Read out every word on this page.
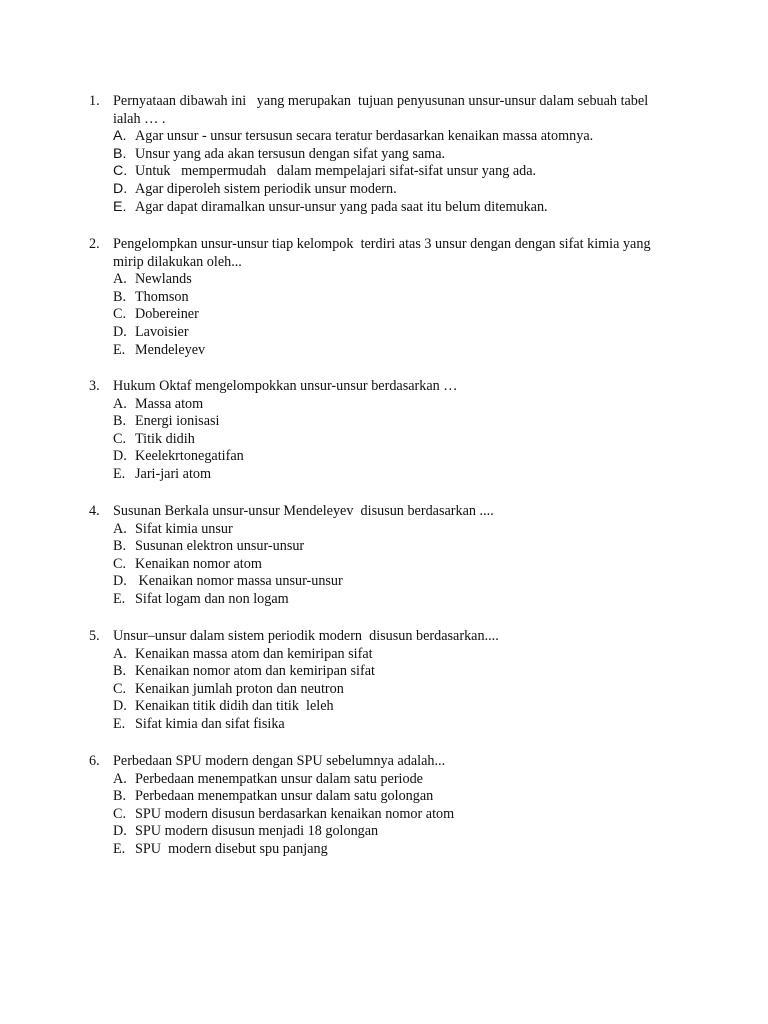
1. Pernyataan dibawah ini   yang merupakan  tujuan penyusunan unsur-unsur dalam sebuah tabel ialah … .
A. Agar unsur - unsur tersusun secara teratur berdasarkan kenaikan massa atomnya.
B. Unsur yang ada akan tersusun dengan sifat yang sama.
C. Untuk   mempermudah   dalam mempelajari sifat-sifat unsur yang ada.
D. Agar diperoleh sistem periodik unsur modern.
E. Agar dapat diramalkan unsur-unsur yang pada saat itu belum ditemukan.
2. Pengelompkan unsur-unsur tiap kelompok  terdiri atas 3 unsur dengan dengan sifat kimia yang mirip dilakukan oleh...
A. Newlands
B. Thomson
C. Dobereiner
D. Lavoisier
E. Mendeleyev
3. Hukum Oktaf mengelompokkan unsur-unsur berdasarkan …
A. Massa atom
B. Energi ionisasi
C. Titik didih
D. Keelekrtonegatifan
E. Jari-jari atom
4. Susunan Berkala unsur-unsur Mendeleyev  disusun berdasarkan ....
A. Sifat kimia unsur
B. Susunan elektron unsur-unsur
C. Kenaikan nomor atom
D. Kenaikan nomor massa unsur-unsur
E. Sifat logam dan non logam
5. Unsur–unsur dalam sistem periodik modern  disusun berdasarkan....
A. Kenaikan massa atom dan kemiripan sifat
B. Kenaikan nomor atom dan kemiripan sifat
C. Kenaikan jumlah proton dan neutron
D. Kenaikan titik didih dan titik  leleh
E. Sifat kimia dan sifat fisika
6. Perbedaan SPU modern dengan SPU sebelumnya adalah...
A. Perbedaan menempatkan unsur dalam satu periode
B. Perbedaan menempatkan unsur dalam satu golongan
C. SPU modern disusun berdasarkan kenaikan nomor atom
D. SPU modern disusun menjadi 18 golongan
E. SPU  modern disebut spu panjang
